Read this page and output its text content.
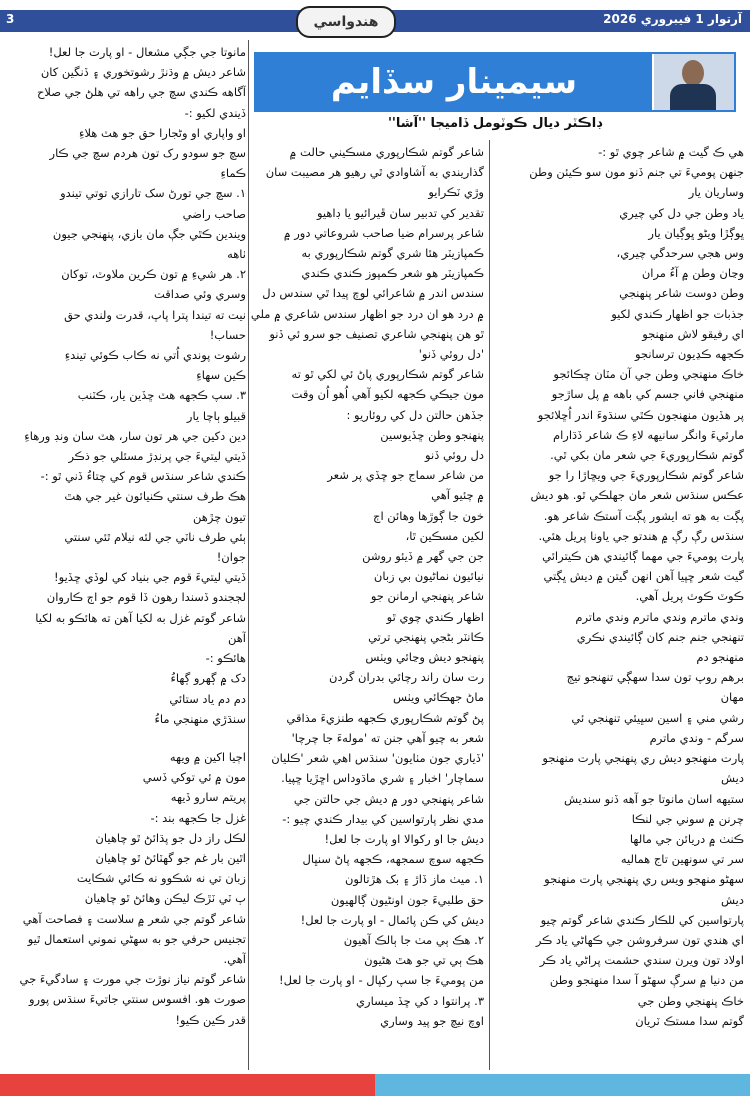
3	هندواسي	آرتوار 1 فيبروري 2026
سيمينار سڏايم
ڊاڪٽر ديال ڪوٽومل ڏاميجا ''آشا''

مانوتا جي جڳي مشعال - او پارت جا لعل!

شاعر ديش ۾ وڌنڙ رشوتخوري ۽ ڏنگين کان

آگاهه ڪندي سچ جي راهه تي هلڻ جي صلاح

ڏيندي لکيو :-

او واپاري او وڻجارا حق جو هٽ هلاءِ

سچ جو سودو رک تون هردم سچ جي ڪار

ڪماءِ

١. سچ جي تورڻ سک تارازي توتي تيندو

صاحب راضي

ويندين ڪٿي جڳ مان بازي، پنهنجي جيون

ٺاهه

٢. هر شيءِ ۾ تون ڪرين ملاوٽ، توکان

وسري وئي صداقت

نيت ته تيندا پترا پاپ، قدرت ولندي حق

حساب!

رشوت پوندي اُتي نه ڪاب ڪوئي تيندءِ

ڪين سهاءِ

٣. سپ ڪجهه هٽ ڇڏين يار، ڪٽنب

قبيلو ٻاچا يار

دين دکين جي هر تون سار، هٽ سان ونڊ ورهاءِ

ڏيتي ليتيءَ جي پرنڊڙ مسئلي جو ذڪر

ڪندي شاعر سنڌس قوم کي چتاءُ ڏني ٿو :-

هڪ طرف سنتي ڪنيائون غير جي هٿ

تيون چڙهن

ٻئي طرف ناٽي جي لئه نيلام ٿئي سنتي

جوان!

ڏيتي ليتيءَ قوم جي بنياد کي لوڏي ڇڏيو!

لڄجندو ڏسندا رهون ڏا قوم جو اڄ ڪاروان

شاعر گوتم غزل به لکيا آهن ته هائڪو به لکيا

آهن

هائڪو :-

دک ۾ ڳهرو ڳهاءُ

دم دم ياد ستائي

سنڌڙي منهنجي ماءُ

اڄيا اکين ۾ ويهه

مون ۾ ئي توکي ڏسي

پريتم سارو ڏيهه

غزل جا ڪجهه بند :-

لڪل راز دل جو پڌائڻ ٿو چاهيان

اٿين بار غم جو گهٽائڻ ٿو چاهيان

زبان تي نه شڪوو نه ڪائي شڪايت

ٻ ٽي ٽڙڪ ليڪن وهائڻ ٿو چاهيان

شاعر گوتم جي شعر ۾ سلاست ۽ فصاحت آهي

تجنيس حرفي جو به سهڻي نموني استعمال ٿيو آهي.

شاعر گوتم نياز نوڙت جي مورت ۽ سادگيءَ جي

صورت هو. افسوس سنتي جاتيءَ سنڌس پورو

قدر ڪين ڪيو!

شاعر گوتم شڪارپوري مسڪيني حالت ۾

گذاريندي به آشاوادي ٿي رهيو هر مصيبت سان

وڙي ٽڪرايو

تقدير کي تدبير سان ڦيرائيو يا ڊاهيو

شاعر پرسرام ضيا صاحب شروعاتي دور ۾

ڪمپازيٽر هئا شري گوتم شڪارپوري به

ڪمپازيٽر هو شعر ڪمپوز ڪندي ڪندي

سندس اندر ۾ شاعرائي لوچ پيدا ٿي سندس دل

۾ درد هو ان درد جو اظهار سندس شاعري ۾ ملي

ٿو هن پنهنجي شاعري تصنيف جو سرو ئي ڏنو

'دل روئي ڏنو'

شاعر گوتم شڪارپوري پاڻ ئي لکي ٿو ته

مون جيڪي ڪجهه لکيو آهي اُهو اُن وقت

جڏهن حالتن دل کي روئاريو :

پنهنجو وطن ڇڏيوسين

دل روئي ڏنو

من شاعر سماج جو ڇڏي پر شعر

۾ چئيو آهي

خون جا ڳوڙها وهائن اڄ

لکين مسڪين ٿا،

جن جي گهر ۾ ڏيئو روشن

نيائيون نماڻيون بي زبان

شاعر پنهنجي ارمانن جو

اظهار ڪندي چوي ٿو

ڪانٽر بڻجي پنهنجي ترتي

پنهنجو ديش وڃائي ويٺس

رت سان راند رچائي بدران گردن

ماڻ جهڪائي ويٺس

پڻ گوتم شڪارپوري ڪجهه طنزيءَ مذاقي

شعر به چيو آهي جنن ته 'مولهءَ جا چرچا'

'ڏياري جون مٺايون' سنڌس اهي شعر 'ڪليان

سماچار' اخبار ۽ شري ماڌوداس اڇڙيا ڇپيا.

شاعر پنهنجي دور ۾ ديش جي حالتن جي

مدي نظر پارتواسين کي بيدار ڪندي چيو :-

ديش جا او رکوالا او پارت جا لعل!

ڪجهه سوچ سمجهه، ڪجهه پاڻ سنڀال

١. ميٺ ماز ڏاڙ ۽ بک هڙتالون

حق طلبيءَ جون اونڻيون ڳالهيون

ديش کي ڪن پائمال - او پارت جا لعل!

٢. هڪ ٻي مٺ جا ٻالڪ آهيون

هڪ ٻي تي جو هٿ هڻيون

من پوميءَ جا سپ رکپال - او پارت جا لعل!

٣. پرانتوا د کي ڇڏ ميساري

اوچ نيچ جو پيد وساري

هي ڪ گيت ۾ شاعر چوي ٿو :-

جنهن پوميءَ تي جنم ڏنو مون سو ڪيئن وطن

وساريان يار

ياد وطن جي دل کي چيري

ڀوڳڙا ويڻو ڀوڳيان يار

وس هجي سرحدگي چيري،

وڃان وطن ۾ آءُ مران

وطن دوست شاعر پنهنجي

جذبات جو اظهار ڪندي لکيو

اي رفيقو لاش منهنجو

ڪجهه ڪڍيون ترسانجو

خاڪ منهنجي وطن جي آن مٽان ڇڪائجو

منهنجي فاني جسم کي باهه ۾ پل ساڙجو

پر هڏيون منهنجون ڪٿي سنڌوءَ اندر اُڇلائجو

مارئيءَ وانگر سانيهه لاءِ ڪ شاعر ڏڌارام

گوتم شڪارپوريءَ جي شعر مان بکي ٿي.

شاعر گوتم شڪارپوريءَ جي ويڇاڙا را جو

عڪس سنڌس شعر مان جهلڪي ٿو. هو ديش

پڳت به هو ته ايشور پڳت آستڪ شاعر هو.

سنڌس رڳ رڳ ۾ هندتو جي ياونا پريل هئي.

پارت پوميءَ جي مهما ڳائيندي هن ڪيترائي

گيت شعر ڇپيا آهن انهن گيتن ۾ ديش ڀڳتي

ڪوٽ ڪوٽ پريل آهي.

وندي ماترم وندي ماترم وندي ماترم

تنهنجي جنم جنم کان ڳائيندي نڪري

منهنجو دم

برهم روپ تون سدا سهڳي تنهنجو تيڄ

مهان

رشي مني ۽ اسين سڀيئي تنهنجي ئي

سرگم - وندي ماترم

پارت منهنجو ديش ري پنهنجي پارت منهنجو

ديش

ستيهه اسان مانوتا جو آهه ڏنو سنديش

چرنن ۾ سوني جي لنڪا

ڪنٺ ۾ دريائن جي مالها

سر تي سونهين تاج هماليه

سهڻو منهجو ويس ري پنهنجي پارت منهنجو

ديش

پارتواسين کي للڪار ڪندي شاعر گوتم چيو

اي هندي تون سرفروشن جي ڪهاڻي ياد ڪر

اولاد تون ويرن سندي حشمت پراڻي ياد ڪر

من دنيا ۾ سرڳ سهڻو آ سدا منهنجو وطن

خاڪ پنهنجي وطن جي

گوتم سدا مستڪ ٽريان
